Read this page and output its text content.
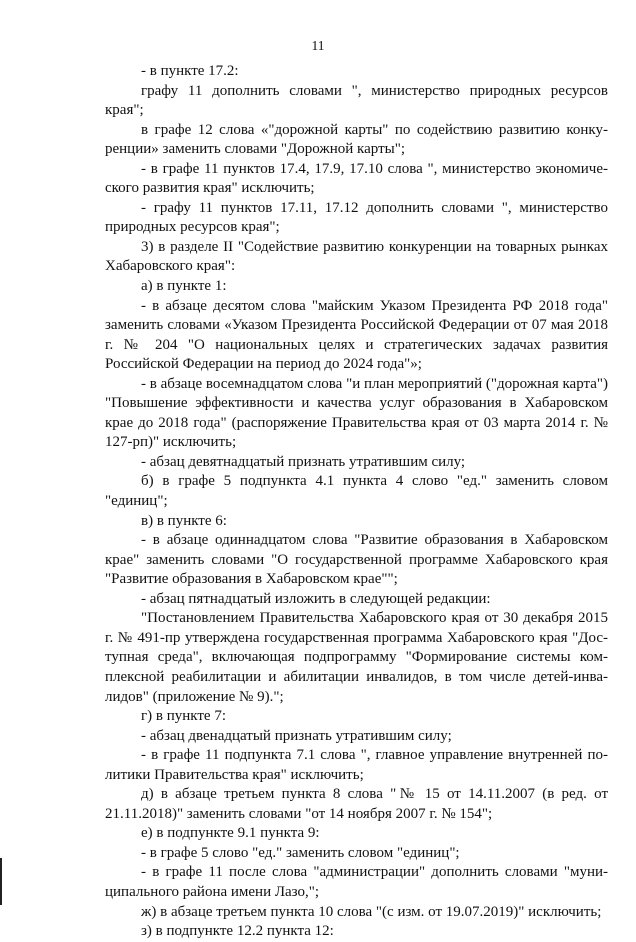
11

- в пункте 17.2:

графу 11 дополнить словами ", министерство природных ресурсов края";

в графе 12 слова «"дорожной карты" по содействию развитию конку-ренции» заменить словами "Дорожной карты";

- в графе 11 пунктов 17.4, 17.9, 17.10 слова ", министерство экономиче-ского развития края" исключить;

- графу 11 пунктов 17.11, 17.12 дополнить словами ", министерство природных ресурсов края";

3) в разделе II "Содействие развитию конкуренции на товарных рынках Хабаровского края":

а) в пункте 1:

- в абзаце десятом слова "майским Указом Президента РФ 2018 года" заменить словами «Указом Президента Российской Федерации от 07 мая 2018 г. № 204 "О национальных целях и стратегических задачах развития Российской Федерации на период до 2024 года"»;

- в абзаце восемнадцатом слова "и план мероприятий ("дорожная карта") "Повышение эффективности и качества услуг образования в Хабаровском крае до 2018 года" (распоряжение Правительства края от 03 марта 2014 г. № 127-рп)" исключить;

- абзац девятнадцатый признать утратившим силу;

б) в графе 5 подпункта 4.1 пункта 4 слово "ед." заменить словом "единиц";

в) в пункте 6:

- в абзаце одиннадцатом слова "Развитие образования в Хабаровском крае" заменить словами "О государственной программе Хабаровского края "Развитие образования в Хабаровском крае"";

- абзац пятнадцатый изложить в следующей редакции:

"Постановлением Правительства Хабаровского края от 30 декабря 2015 г. № 491-пр утверждена государственная программа Хабаровского края "Дос-тупная среда", включающая подпрограмму "Формирование системы ком-плексной реабилитации и абилитации инвалидов, в том числе детей-инва-лидов" (приложение № 9).";

г) в пункте 7:

- абзац двенадцатый признать утратившим силу;

- в графе 11 подпункта 7.1 слова ", главное управление внутренней по-литики Правительства края" исключить;

д) в абзаце третьем пункта 8 слова "№ 15 от 14.11.2007 (в ред. от 21.11.2018)" заменить словами "от 14 ноября 2007 г. № 154";

е) в подпункте 9.1 пункта 9:

- в графе 5 слово "ед." заменить словом "единиц";

- в графе 11 после слова "администрации" дополнить словами "муни-ципального района имени Лазо,";

ж) в абзаце третьем пункта 10 слова "(с изм. от 19.07.2019)" исключить;

з) в подпункте 12.2 пункта 12:
